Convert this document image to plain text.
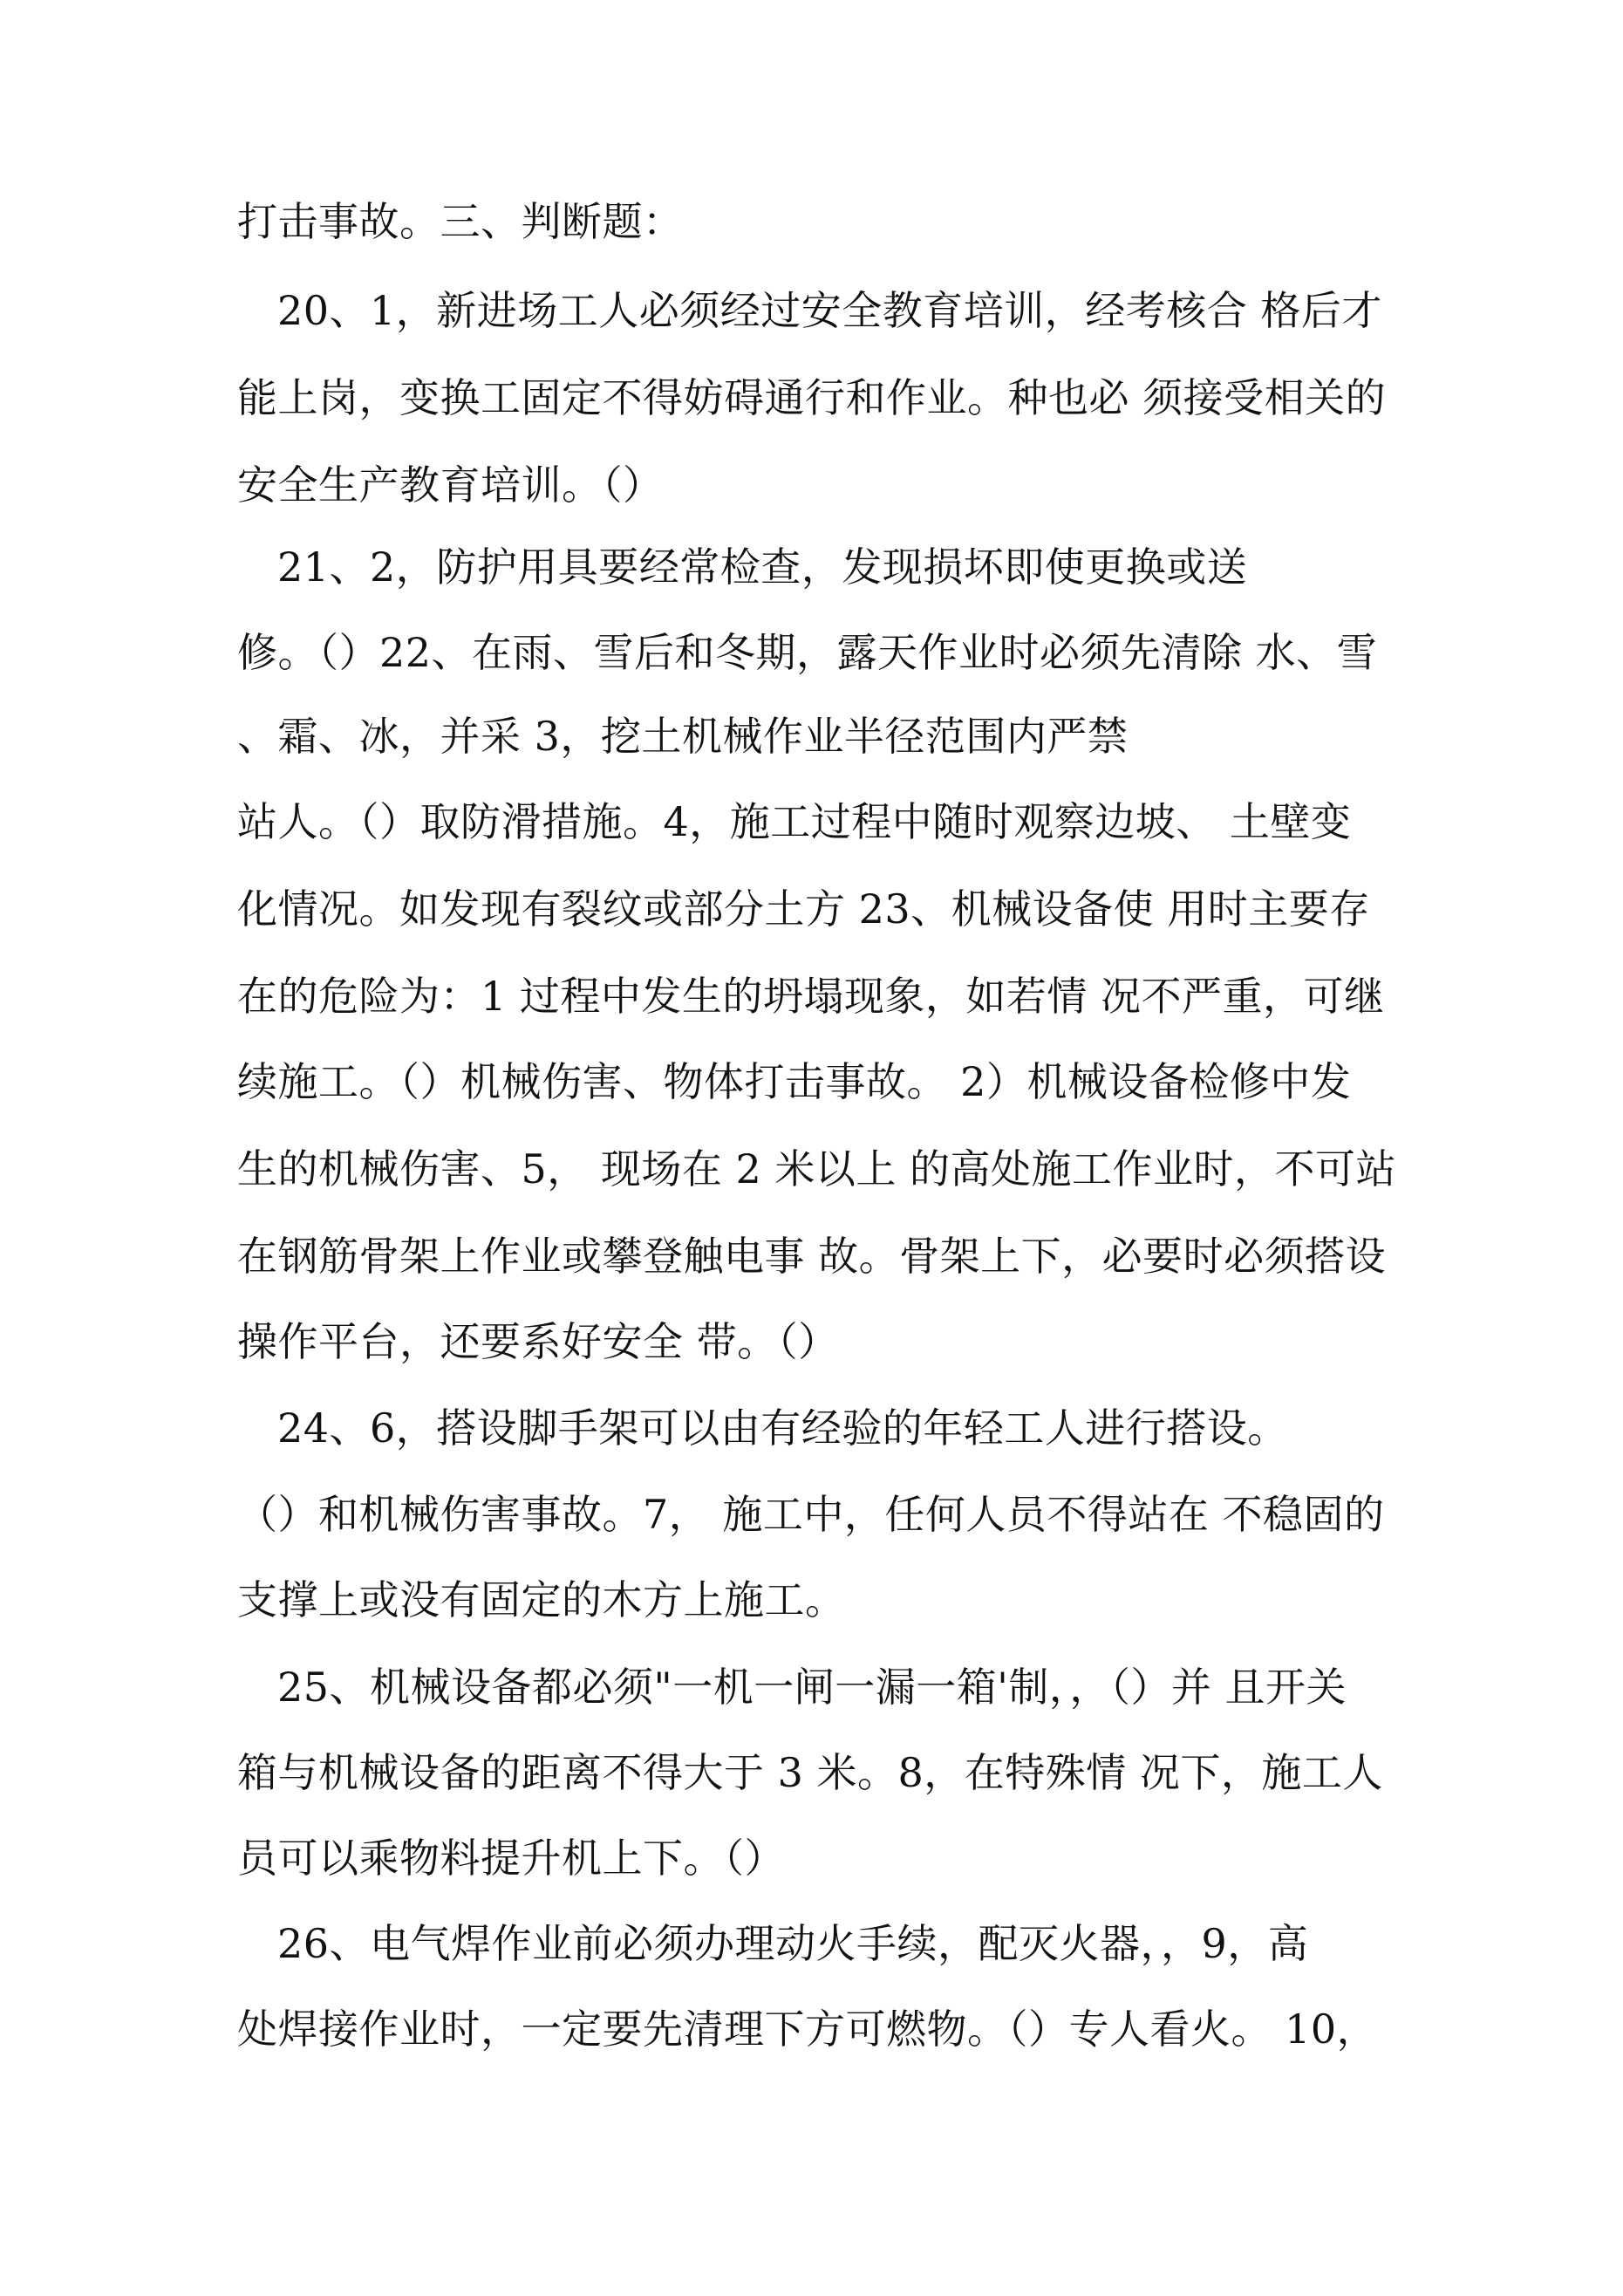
打击事故。三、判断题：
20、1，新进场工人必须经过安全教育培训，经考核合 格后才
能上岗，变换工固定不得妨碍通行和作业。种也必 须接受相关的
安全生产教育培训。（）
21、2，防护用具要经常检查，发现损坏即使更换或送
修。（）22、在雨、雪后和冬期，露天作业时必须先清除 水、雪
、霜、冰，并采 3，挖土机械作业半径范围内严禁
站人。（）取防滑措施。4，施工过程中随时观察边坡、 土壁变
化情况。如发现有裂纹或部分土方 23、机械设备使 用时主要存
在的危险为：1 过程中发生的坍塌现象，如若情 况不严重，可继
续施工。（）机械伤害、物体打击事故。 2）机械设备检修中发
生的机械伤害、5， 现场在 2 米以上 的高处施工作业时，不可站
在钢筋骨架上作业或攀登触电事 故。骨架上下，必要时必须搭设
操作平台，还要系好安全 带。（）
24、6，搭设脚手架可以由有经验的年轻工人进行搭设。
（）和机械伤害事故。7， 施工中，任何人员不得站在 不稳固的
支撑上或没有固定的木方上施工。
25、机械设备都必须"一机一闸一漏一箱'制，，（）并 且开关
箱与机械设备的距离不得大于 3 米。8，在特殊情 况下，施工人
员可以乘物料提升机上下。（）
26、电气焊作业前必须办理动火手续，配灭火器，，9，高
处焊接作业时，一定要先清理下方可燃物。（）专人看火。 10，
